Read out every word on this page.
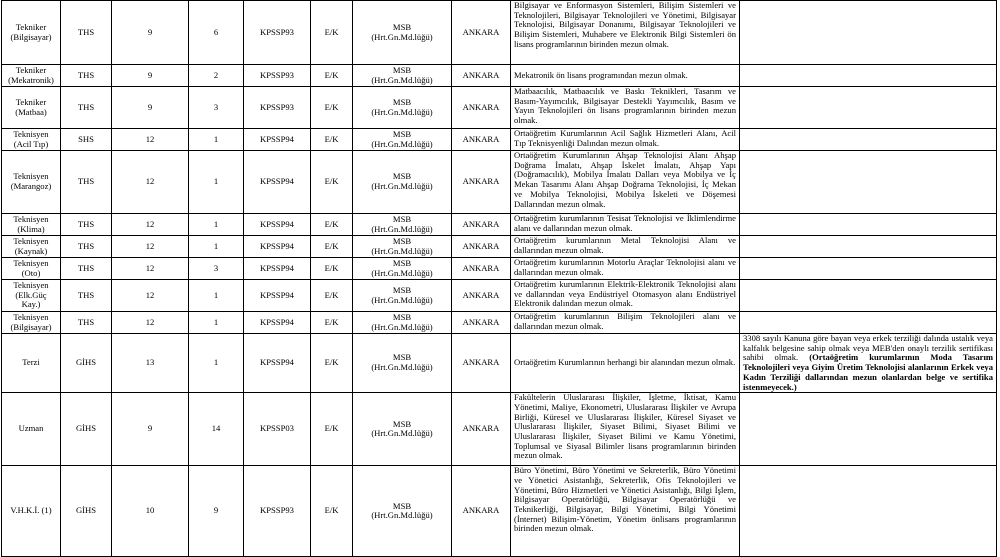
Tekniker
(Bilgisayar)	THS	9	6	KPSSP93	E/K	MSB
(Hrt.Gn.Md.lüğü)	ANKARA	Bilgisayar ve Enformasyon Sistemleri, Bilişim Sistemleri ve Teknolojileri, Bilgisayar Teknolojileri ve Yönetimi, Bilgisayar Teknolojisi, Bilgisayar Donanımı, Bilgisayar Teknolojileri ve Bilişim Sistemleri, Muhabere ve Elektronik Bilgi Sistemleri ön lisans programlarının birinden mezun olmak.	

Tekniker
(Mekatronik)	THS	9	2	KPSSP93	E/K	MSB
(Hrt.Gn.Md.lüğü)	ANKARA	Mekatronik ön lisans programından mezun olmak.	

Tekniker
(Matbaa)	THS	9	3	KPSSP93	E/K	MSB
(Hrt.Gn.Md.lüğü)	ANKARA	Matbaacılık, Matbaacılık ve Baskı Teknikleri, Tasarım ve Basım-Yayımcılık, Bilgisayar Destekli Yayımcılık, Basım ve Yayın Teknolojileri ön lisans programlarının birinden mezun olmak.	

Teknisyen
(Acil Tıp)	SHS	12	1	KPSSP94	E/K	MSB
(Hrt.Gn.Md.lüğü)	ANKARA	Ortaöğretim Kurumlarının Acil Sağlık Hizmetleri Alanı, Acil Tıp Teknisyenliği Dalından mezun olmak.	

Teknisyen
(Marangoz)	THS	12	1	KPSSP94	E/K	MSB
(Hrt.Gn.Md.lüğü)	ANKARA	Ortaöğretim Kurumlarının Ahşap Teknolojisi Alanı Ahşap Doğrama İmalatı, Ahşap İskelet İmalatı, Ahşap Yapı (Doğramacılık), Mobilya İmalatı Dalları veya Mobilya ve İç Mekan Tasarımı Alanı Ahşap Doğrama Teknolojisi, İç Mekan ve Mobilya Teknolojisi, Mobilya İskeleti ve Döşemesi Dallarından mezun olmak.	

Teknisyen
(Klima)	THS	12	1	KPSSP94	E/K	MSB
(Hrt.Gn.Md.lüğü)	ANKARA	Ortaöğretim kurumlarının Tesisat Teknolojisi ve İklimlendirme alanı ve dallarından mezun olmak.	

Teknisyen
(Kaynak)	THS	12	1	KPSSP94	E/K	MSB
(Hrt.Gn.Md.lüğü)	ANKARA	Ortaöğretim kurumlarının Metal Teknolojisi Alanı ve dallarından mezun olmak.	

Teknisyen
(Oto)	THS	12	3	KPSSP94	E/K	MSB
(Hrt.Gn.Md.lüğü)	ANKARA	Ortaöğretim kurumlarının Motorlu Araçlar Teknolojisi alanı ve dallarından mezun olmak.	

Teknisyen
(Elk.Güç Kay.)	THS	12	1	KPSSP94	E/K	MSB
(Hrt.Gn.Md.lüğü)	ANKARA	Ortaöğretim kurumlarının Elektrik-Elektronik Teknolojisi alanı ve dallarından veya Endüstriyel Otomasyon alanı Endüstriyel Elektronik dalından mezun olmak.	

Teknisyen
(Bilgisayar)	THS	12	1	KPSSP94	E/K	MSB
(Hrt.Gn.Md.lüğü)	ANKARA	Ortaöğretim kurumlarının Bilişim Teknolojileri alanı ve dallarından mezun olmak.	

Terzi	GİHS	13	1	KPSSP94	E/K	MSB
(Hrt.Gn.Md.lüğü)	ANKARA	Ortaöğretim Kurumlarının herhangi bir alanından mezun olmak.	3308 sayılı Kanuna göre bayan veya erkek terziliği dalında ustalık veya kalfalık belgesine sahip olmak veya MEB'den onaylı terzilik sertifikası sahibi olmak. (Ortaöğretim kurumlarının Moda Tasarım Teknolojileri veya Giyim Üretim Teknolojisi alanlarının Erkek veya Kadın Terziliği dallarından mezun olanlardan belge ve sertifika istenmeyecek.)

Uzman	GİHS	9	14	KPSSP03	E/K	MSB
(Hrt.Gn.Md.lüğü)	ANKARA	Fakültelerin Uluslararası İlişkiler, İşletme, İktisat, Kamu Yönetimi, Maliye, Ekonometri, Uluslararası İlişkiler ve Avrupa Birliği, Küresel ve Uluslararası İlişkiler, Küresel Siyaset ve Uluslararası İlişkiler, Siyaset Bilimi, Siyaset Bilimi ve Uluslararası İlişkiler, Siyaset Bilimi ve Kamu Yönetimi, Toplumsal ve Siyasal Bilimler lisans programlarının birinden mezun olmak.	

V.H.K.İ. (1)	GİHS	10	9	KPSSP93	E/K	MSB
(Hrt.Gn.Md.lüğü)	ANKARA	Büro Yönetimi, Büro Yönetimi ve Sekreterlik, Büro Yönetimi ve Yönetici Asistanlığı, Sekreterlik, Ofis Teknolojileri ve Yönetimi, Büro Hizmetleri ve Yönetici Asistanlığı, Bilgi İşlem, Bilgisayar Operatörlüğü, Bilgisayar Operatörlüğü ve Teknikerliği, Bilgisayar, Bilgi Yönetimi, Bilgi Yönetimi (İnternet) Bilişim-Yönetim, Yönetim önlisans programlarının birinden mezun olmak.	
